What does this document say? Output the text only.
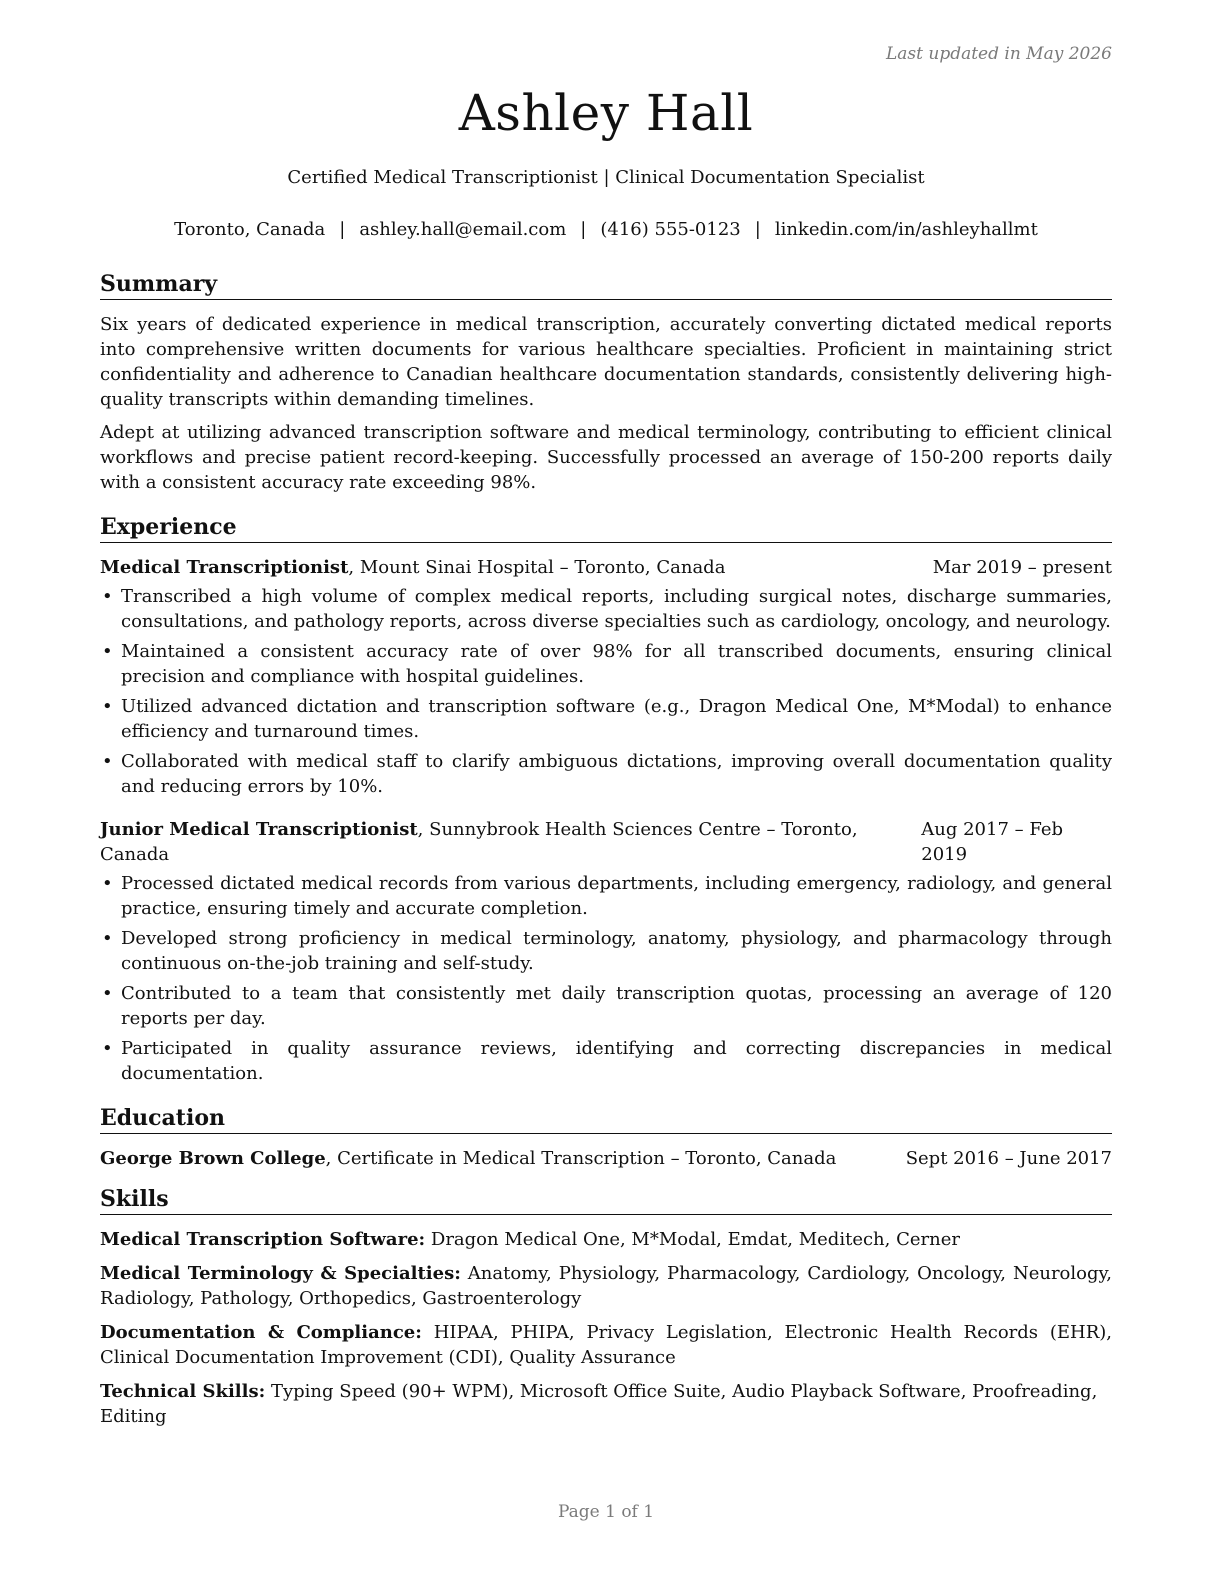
Last updated in May 2026
Ashley Hall
Certified Medical Transcriptionist | Clinical Documentation Specialist
Toronto, Canada | ashley.hall@email.com | (416) 555-0123 | linkedin.com/in/ashleyhallmt
Summary

Six years of dedicated experience in medical transcription, accurately converting dictated medical reports into comprehensive written documents for various healthcare specialties. Proficient in maintaining strict confidentiality and adherence to Canadian healthcare documentation standards, consistently delivering high-quality transcripts within demanding timelines.

Adept at utilizing advanced transcription software and medical terminology, contributing to efficient clinical workflows and precise patient record-keeping. Successfully processed an average of 150-200 reports daily with a consistent accuracy rate exceeding 98%.

Experience
Medical Transcriptionist, Mount Sinai Hospital – Toronto, Canada	Mar 2019 – present
• Transcribed a high volume of complex medical reports, including surgical notes, discharge summaries, consultations, and pathology reports, across diverse specialties such as cardiology, oncology, and neurology.
• Maintained a consistent accuracy rate of over 98% for all transcribed documents, ensuring clinical precision and compliance with hospital guidelines.
• Utilized advanced dictation and transcription software (e.g., Dragon Medical One, M*Modal) to enhance efficiency and turnaround times.
• Collaborated with medical staff to clarify ambiguous dictations, improving overall documentation quality and reducing errors by 10%.
Junior Medical Transcriptionist, Sunnybrook Health Sciences Centre – Toronto, Canada
Aug 2017 – Feb 2019
• Processed dictated medical records from various departments, including emergency, radiology, and general practice, ensuring timely and accurate completion.
• Developed strong proficiency in medical terminology, anatomy, physiology, and pharmacology through continuous on-the-job training and self-study.
• Contributed to a team that consistently met daily transcription quotas, processing an average of 120 reports per day.
• Participated in quality assurance reviews, identifying and correcting discrepancies in medical documentation.
Education
George Brown College, Certificate in Medical Transcription – Toronto, Canada	Sept 2016 – June 2017
Skills
Medical Transcription Software: Dragon Medical One, M*Modal, Emdat, Meditech, Cerner
Medical Terminology & Specialties: Anatomy, Physiology, Pharmacology, Cardiology, Oncology, Neurology, Radiology, Pathology, Orthopedics, Gastroenterology
Documentation & Compliance: HIPAA, PHIPA, Privacy Legislation, Electronic Health Records (EHR), Clinical Documentation Improvement (CDI), Quality Assurance
Technical Skills: Typing Speed (90+ WPM), Microsoft Office Suite, Audio Playback Software, Proofreading, Editing
Page 1 of 1
